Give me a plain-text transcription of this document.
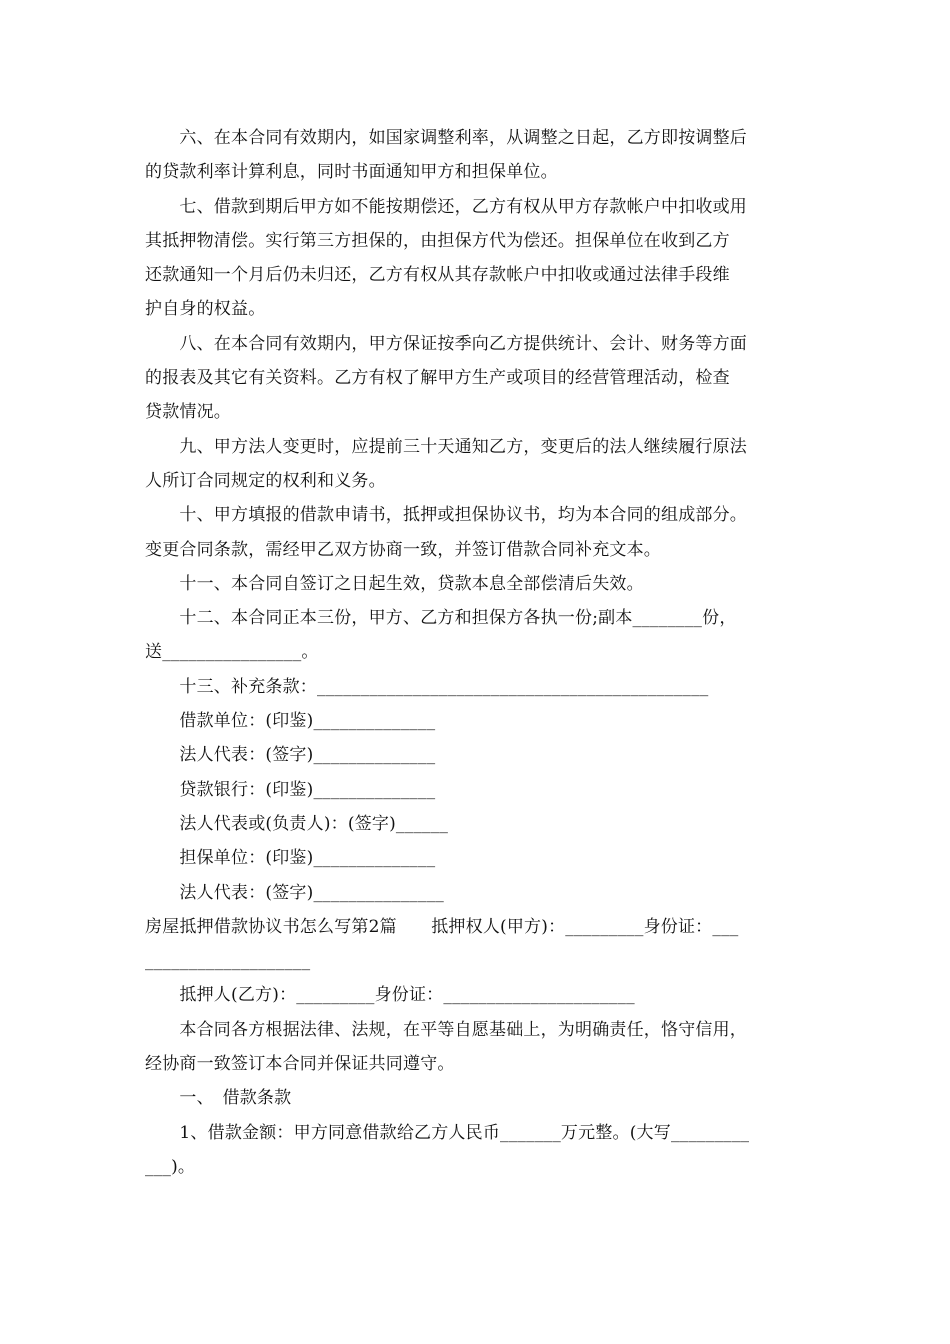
　　六、在本合同有效期内，如国家调整利率，从调整之日起，乙方即按调整后
的贷款利率计算利息，同时书面通知甲方和担保单位。
　　七、借款到期后甲方如不能按期偿还，乙方有权从甲方存款帐户中扣收或用
其抵押物清偿。实行第三方担保的，由担保方代为偿还。担保单位在收到乙方
还款通知一个月后仍未归还，乙方有权从其存款帐户中扣收或通过法律手段维
护自身的权益。
　　八、在本合同有效期内，甲方保证按季向乙方提供统计、会计、财务等方面
的报表及其它有关资料。乙方有权了解甲方生产或项目的经营管理活动，检查
贷款情况。
　　九、甲方法人变更时，应提前三十天通知乙方，变更后的法人继续履行原法
人所订合同规定的权利和义务。
　　十、甲方填报的借款申请书，抵押或担保协议书，均为本合同的组成部分。
变更合同条款，需经甲乙双方协商一致，并签订借款合同补充文本。
　　十一、本合同自签订之日起生效，贷款本息全部偿清后失效。
　　十二、本合同正本三份，甲方、乙方和担保方各执一份;副本________份，
送________________。
　　十三、补充条款：_____________________________________________
　　借款单位：(印鉴)______________
　　法人代表：(签字)______________
　　贷款银行：(印鉴)______________
　　法人代表或(负责人)：(签字)______
　　担保单位：(印鉴)______________
　　法人代表：(签字)_______________
房屋抵押借款协议书怎么写第2篇　　抵押权人(甲方)：_________身份证：___
___________________
　　抵押人(乙方)：_________身份证：______________________
　　本合同各方根据法律、法规，在平等自愿基础上，为明确责任，恪守信用，
经协商一致签订本合同并保证共同遵守。
　　一、　借款条款
　　1、借款金额：甲方同意借款给乙方人民币_______万元整。(大写_________
___)。
